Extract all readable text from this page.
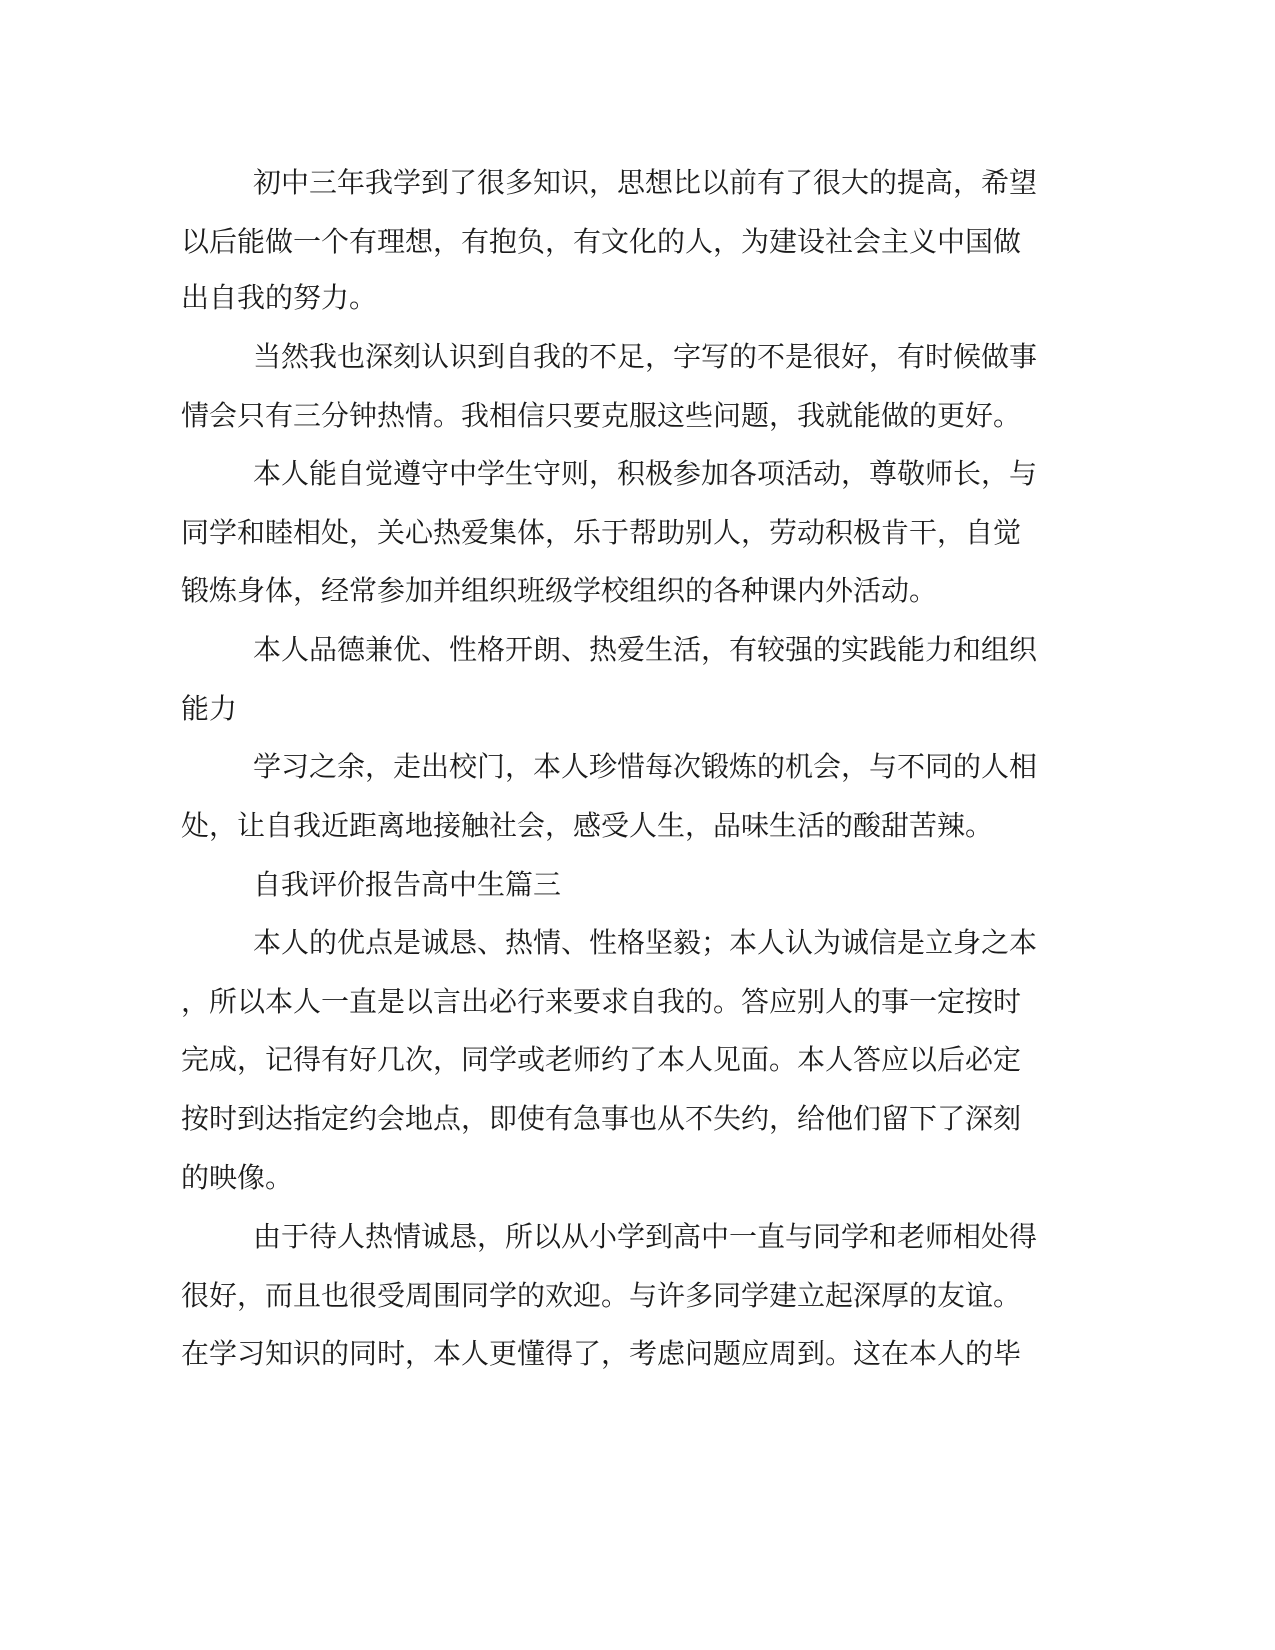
初中三年我学到了很多知识，思想比以前有了很大的提高，希望

以后能做一个有理想，有抱负，有文化的人，为建设社会主义中国做

出自我的努力。

当然我也深刻认识到自我的不足，字写的不是很好，有时候做事

情会只有三分钟热情。我相信只要克服这些问题，我就能做的更好。

本人能自觉遵守中学生守则，积极参加各项活动，尊敬师长，与

同学和睦相处，关心热爱集体，乐于帮助别人，劳动积极肯干，自觉

锻炼身体，经常参加并组织班级学校组织的各种课内外活动。

本人品德兼优、性格开朗、热爱生活，有较强的实践能力和组织

能力

学习之余，走出校门，本人珍惜每次锻炼的机会，与不同的人相

处，让自我近距离地接触社会，感受人生，品味生活的酸甜苦辣。

自我评价报告高中生篇三

本人的优点是诚恳、热情、性格坚毅；本人认为诚信是立身之本

，所以本人一直是以言出必行来要求自我的。答应别人的事一定按时

完成，记得有好几次，同学或老师约了本人见面。本人答应以后必定

按时到达指定约会地点，即使有急事也从不失约，给他们留下了深刻

的映像。

由于待人热情诚恳，所以从小学到高中一直与同学和老师相处得

很好，而且也很受周围同学的欢迎。与许多同学建立起深厚的友谊。

在学习知识的同时，本人更懂得了，考虑问题应周到。这在本人的毕
